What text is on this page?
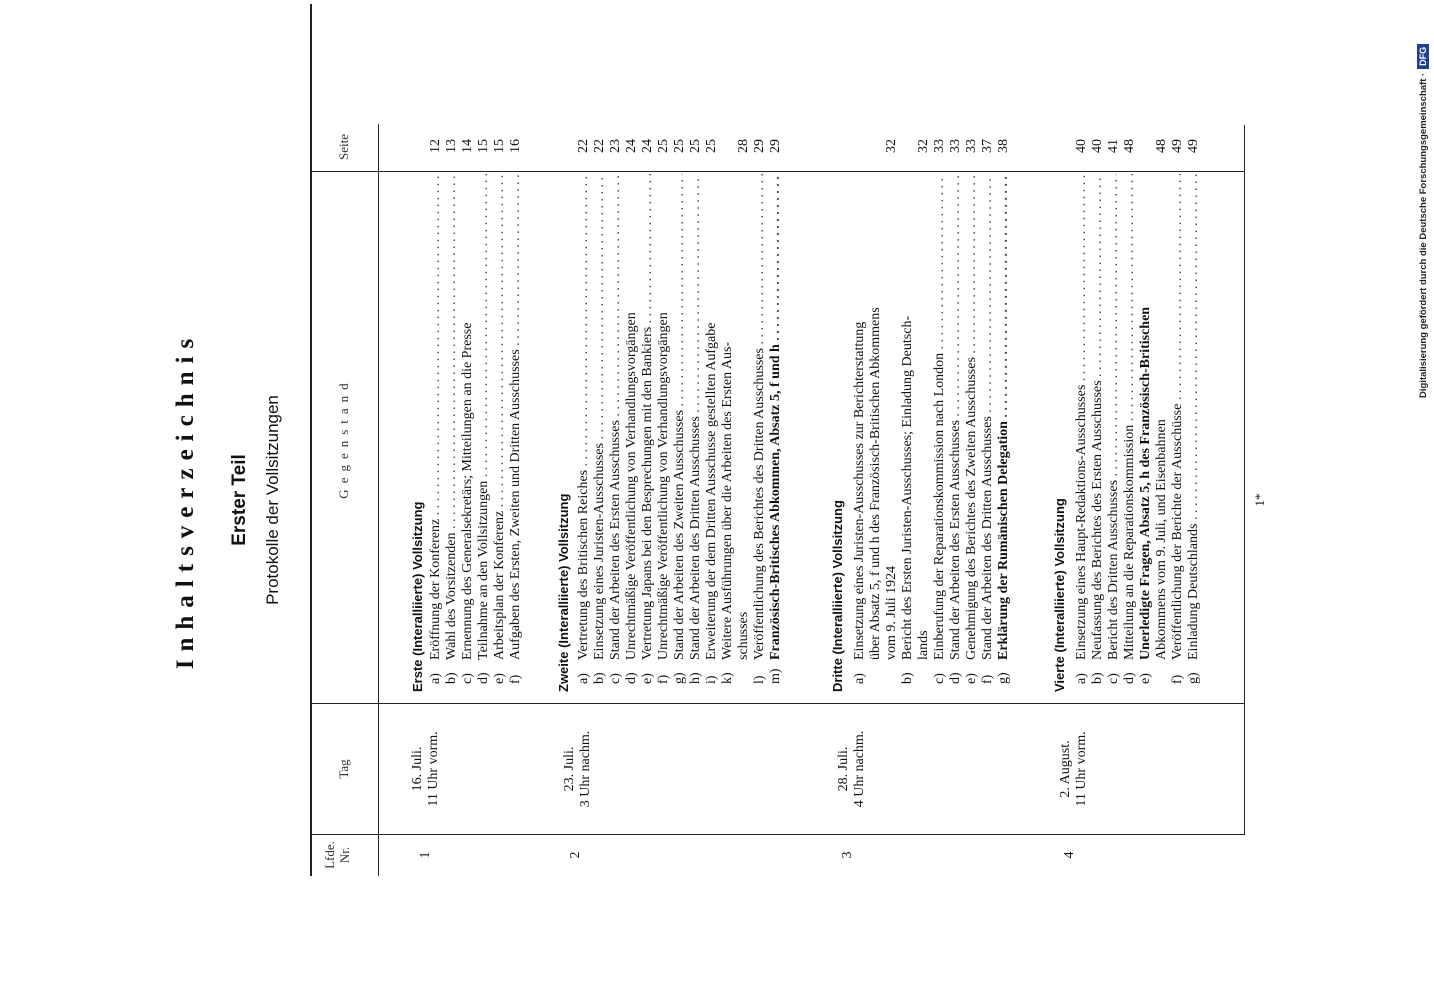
Inhaltsverzeichnis Erster Teil Protokolle der Vollsitzungen
Lfde. Nr.
Tag
Gegenstand
Seite
1
16. Juli. 11 Uhr vorm.
Erste (Interalliierte) Vollsitzung a)
Eröffnung der Konferenz . . .
12
b)
Wahl des Vorsitzenden . . .
13
c)
Ernennung des Generalsekretärs; Mitteilungen an die Presse
14
d)
Teilnahme an den Vollsitzungen . . .
15
e)
Arbeitsplan der Konferenz . . .
15
f)
Aufgaben des Ersten, Zweiten und Dritten Ausschusses . . .
16
2
23. Juli. 3 Uhr nachm.
Zweite (Interalliierte) Vollsitzung a)
Vertretung des Britischen Reiches . . .
22
b)
Einsetzung eines Juristen-Ausschusses . . .
22
c)
Stand der Arbeiten des Ersten Ausschusses . . .
23
d)
Unrechtmäßige Veröffentlichung von Verhandlungsvorgängen
24
e)
Vertretung Japans bei den Besprechungen mit den Bankiers . . .
24
f)
Unrechtmäßige Veröffentlichung von Verhandlungsvorgängen
25
g)
Stand der Arbeiten des Zweiten Ausschusses . . .
25
h)
Stand der Arbeiten des Dritten Ausschusses . . .
25
i)
Erweiterung der dem Dritten Ausschusse gestellten Aufgabe
25
k)
Weitere Ausführungen über die Arbeiten des Ersten Aus- schusses
28
l)
Veröffentlichung des Berichtes des Dritten Ausschusses . . .
29
m)
Französisch-Britisches Abkommen, Absatz 5, f und h . . .
29
3
28. Juli. 4 Uhr nachm.
Dritte (Interalliierte) Vollsitzung a)
Einsetzung eines Juristen-Ausschusses zur Berichterstattung über Absatz 5, f und h des Französisch-Britischen Abkommens vom 9. Juli 1924
32
b)
Bericht des Ersten Juristen-Ausschusses; Einladung Deutsch- lands
32
c)
Einberufung der Reparationskommission nach London . . .
33
d)
Stand der Arbeiten des Ersten Ausschusses . . .
33
e)
Genehmigung des Berichtes des Zweiten Ausschusses . . .
33
f)
Stand der Arbeiten des Dritten Ausschusses . . .
37
g)
Erklärung der Rumänischen Delegation . . .
38
4
2. August. 11 Uhr vorm.
Vierte (Interalliierte) Vollsitzung a)
Einsetzung eines Haupt-Redaktions-Ausschusses . . .
40
b)
Neufassung des Berichtes des Ersten Ausschusses . . .
40
c)
Bericht des Dritten Ausschusses . . .
41
d)
Mitteilung an die Reparationskommission . . .
48
e)
Unerledigte Fragen, Absatz 5, h des Französisch-Britischen Abkommens vom 9. Juli, und Eisenbahnen
48
f)
Veröffentlichung der Berichte der Ausschüsse . . .
49
g)
Einladung Deutschlands . . .
49
1*
Digitalisierung gefördert durch die Deutsche Forschungsgemeinschaft ·
DFG
